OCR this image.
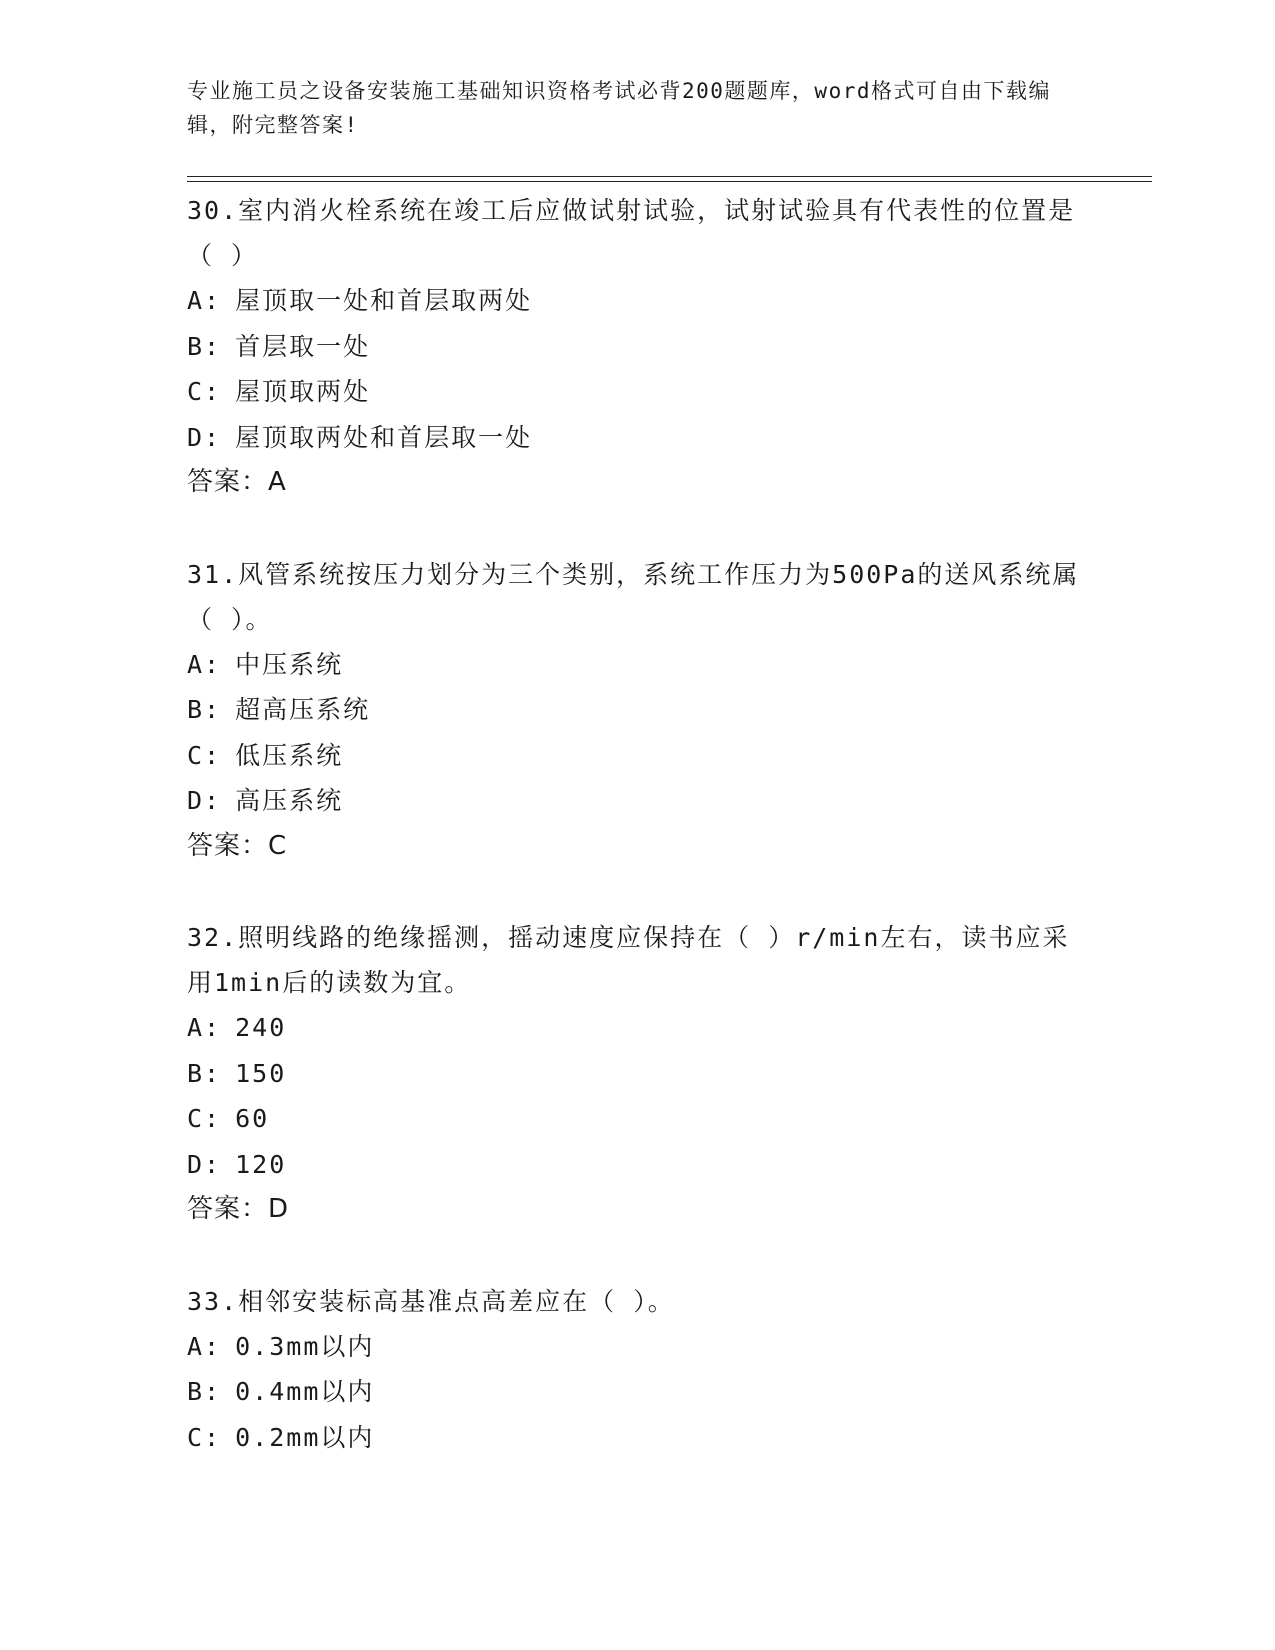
专业施工员之设备安装施工基础知识资格考试必背200题题库，word格式可自由下载编辑，附完整答案!

30.室内消火栓系统在竣工后应做试射试验，试射试验具有代表性的位置是（ ）

A: 屋顶取一处和首层取两处

B: 首层取一处

C: 屋顶取两处

D: 屋顶取两处和首层取一处

答案：A

31.风管系统按压力划分为三个类别，系统工作压力为500Pa的送风系统属（ ）。

A: 中压系统

B: 超高压系统

C: 低压系统

D: 高压系统

答案：C

32.照明线路的绝缘摇测，摇动速度应保持在（ ）r/min左右，读书应采用1min后的读数为宜。

A: 240

B: 150

C: 60

D: 120

答案：D

33.相邻安装标高基准点高差应在（ ）。

A: 0.3mm以内

B: 0.4mm以内

C: 0.2mm以内
